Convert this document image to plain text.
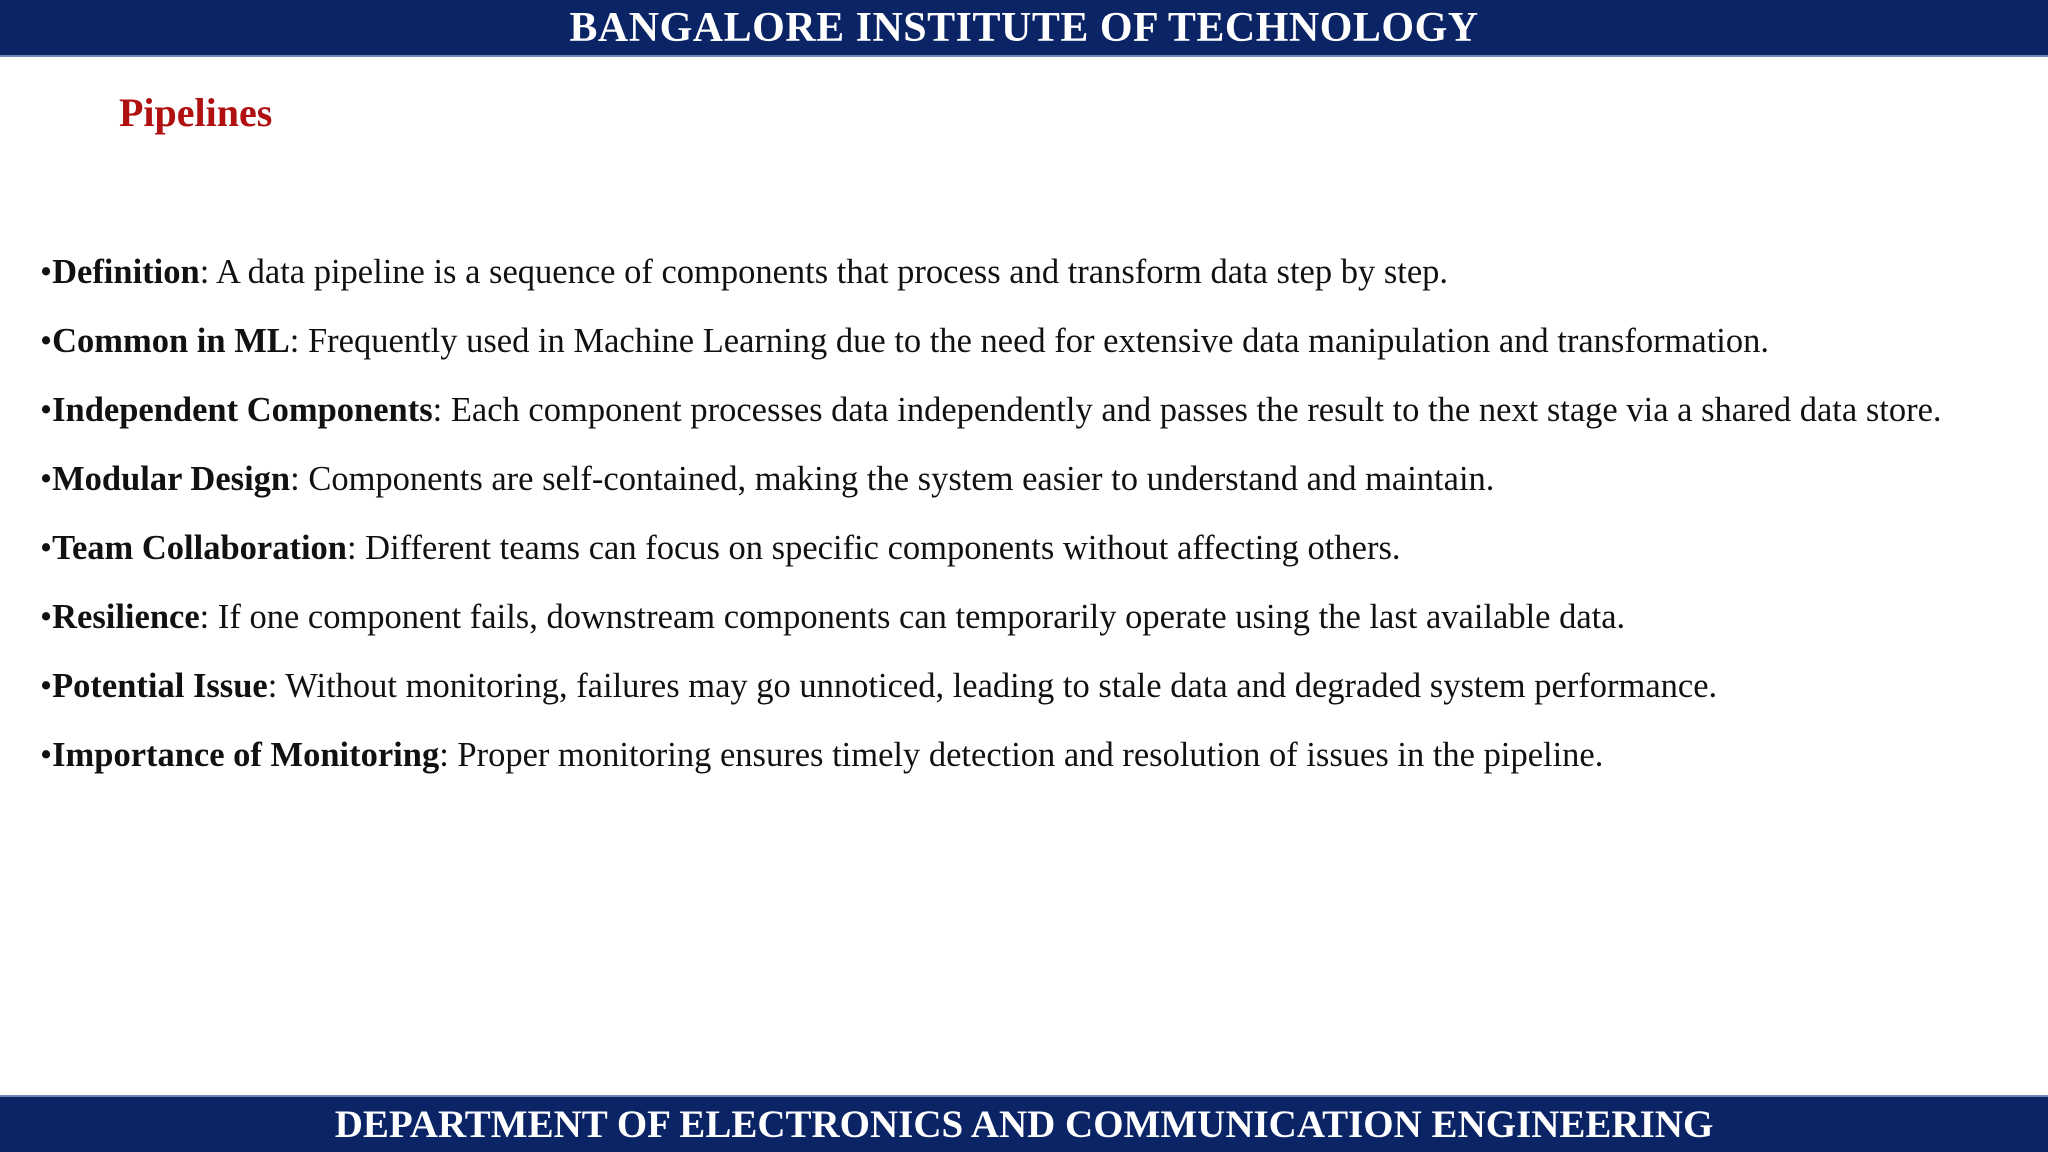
BANGALORE INSTITUTE OF TECHNOLOGY
Pipelines

•Definition: A data pipeline is a sequence of components that process and transform data step by step.

•Common in ML: Frequently used in Machine Learning due to the need for extensive data manipulation and transformation.

•Independent Components: Each component processes data independently and passes the result to the next stage via a shared data store.

•Modular Design: Components are self-contained, making the system easier to understand and maintain.

•Team Collaboration: Different teams can focus on specific components without affecting others.

•Resilience: If one component fails, downstream components can temporarily operate using the last available data.

•Potential Issue: Without monitoring, failures may go unnoticed, leading to stale data and degraded system performance.

•Importance of Monitoring: Proper monitoring ensures timely detection and resolution of issues in the pipeline.

DEPARTMENT OF ELECTRONICS AND COMMUNICATION ENGINEERING
